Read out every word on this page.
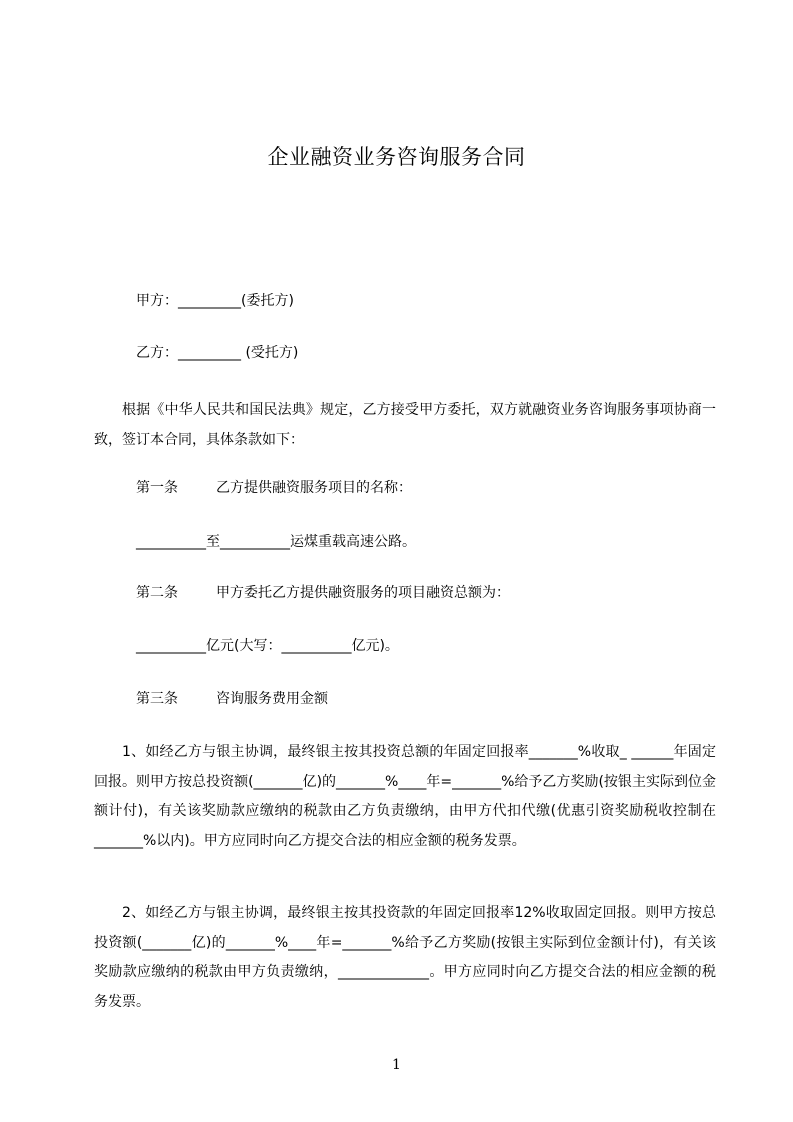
企业融资业务咨询服务合同
甲方：_________(委托方)
乙方：_________ (受托方)
根据《中华人民共和国民法典》规定，乙方接受甲方委托，双方就融资业务咨询服务事项协商一致，签订本合同，具体条款如下：
第一条	乙方提供融资服务项目的名称：
__________至__________运煤重载高速公路。
第二条	甲方委托乙方提供融资服务的项目融资总额为：
__________亿元(大写：__________亿元)。
第三条	咨询服务费用金额
1、如经乙方与银主协调，最终银主按其投资总额的年固定回报率_______%收取_ ______年固定回报。则甲方按总投资额(_______亿)的_______%____年=_______%给予乙方奖励(按银主实际到位金额计付)，有关该奖励款应缴纳的税款由乙方负责缴纳，由甲方代扣代缴(优惠引资奖励税收控制在_______%以内)。甲方应同时向乙方提交合法的相应金额的税务发票。
2、如经乙方与银主协调，最终银主按其投资款的年固定回报率12%收取固定回报。则甲方按总投资额(_______亿)的_______%____年=_______%给予乙方奖励(按银主实际到位金额计付)，有关该奖励款应缴纳的税款由甲方负责缴纳，_____________。甲方应同时向乙方提交合法的相应金额的税务发票。
1
